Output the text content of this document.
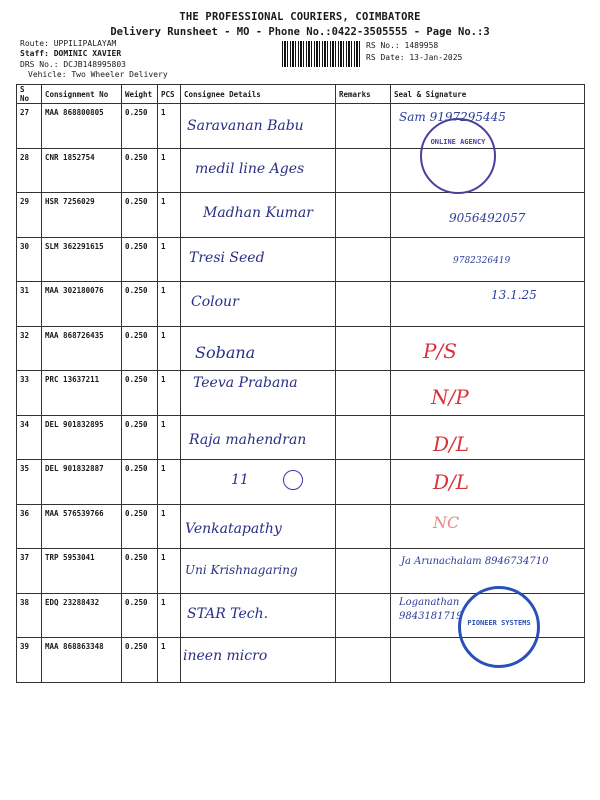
THE PROFESSIONAL COURIERS, COIMBATORE
Delivery Runsheet - MO - Phone No.:0422-3505555 - Page No.:3
Route: UPPILIPALAYAM
Staff: DOMINIC XAVIER
DRS No.: DCJB148995803
Vehicle: Two Wheeler Delivery
RS No.: 1489958
RS Date: 13-Jan-2025
S No	Consignment No	Weight	PCS	Consignee Details	Remarks	Seal & Signature
27	MAA 868800805	0.250	1	Saravanan Babu		Sam 9197295445

28	CNR 1852754	0.250	1	medil line Ages		

29	HSR 7256029	0.250	1	Madhan Kumar		9056492057

30	SLM 362291615	0.250	1	Tresi Seed		9782326419

31	MAA 302180076	0.250	1	Colour		13.1.25

32	MAA 868726435	0.250	1	Sobana		P/S

33	PRC 13637211	0.250	1	Teeva Prabana		N/P

34	DEL 901832895	0.250	1	Raja mahendran		D/L

35	DEL 901832887	0.250	1	11		D/L

36	MAA 576539766	0.250	1	Venkatapathy		NC

37	TRP 5953041	0.250	1	Uni Krishnagaring		Ja Arunachalam 8946734710

38	EDQ 23288432	0.250	1	STAR Tech.		Loganathan 9843181719

39	MAA 868863348	0.250	1	ineen micro		

ONLINE AGENCY
PIONEER SYSTEMS
